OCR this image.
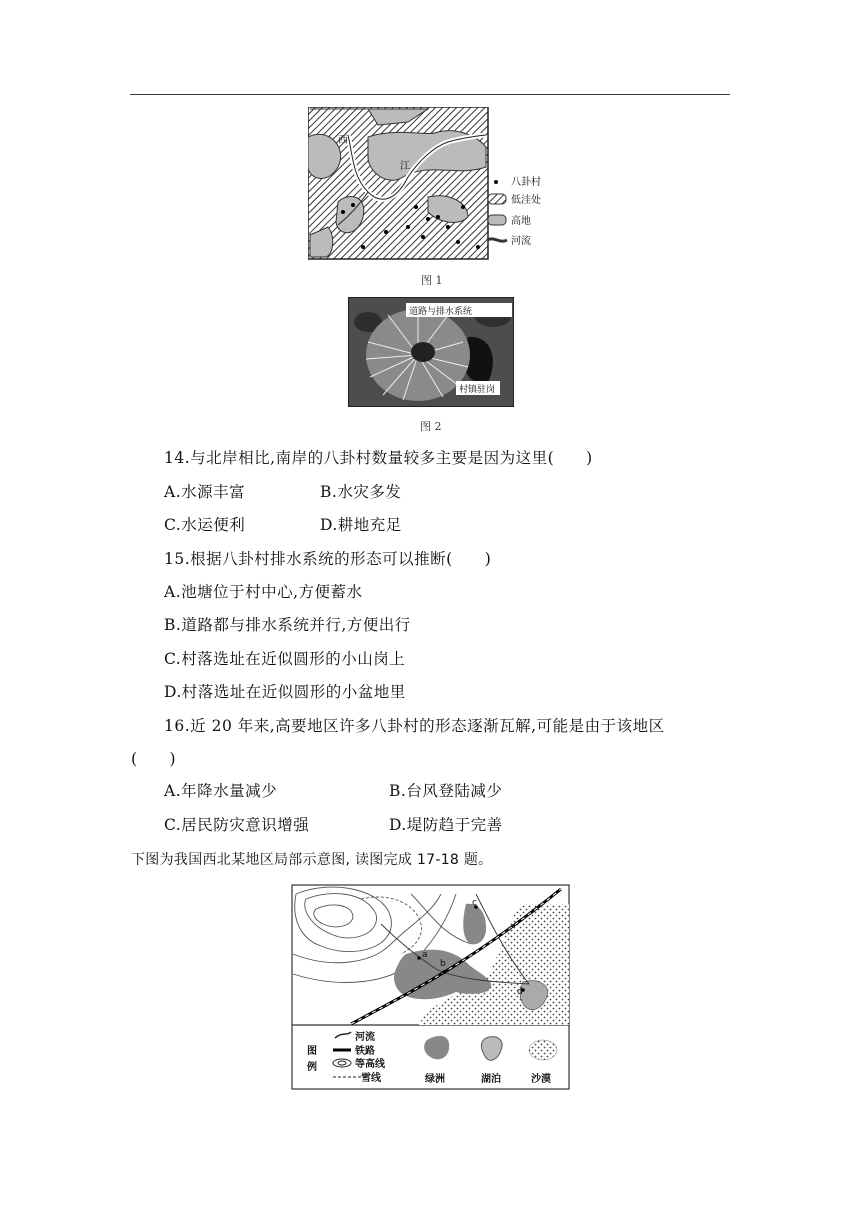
西
江
八卦村
低洼处
高地
河流
图 1
道路与排水系统
村镇驻岗
图 2
14.与北岸相比,南岸的八卦村数量较多主要是因为这里(　　)
A.水源丰富	B.水灾多发
C.水运便利	D.耕地充足
15.根据八卦村排水系统的形态可以推断(　　)
A.池塘位于村中心,方便蓄水
B.道路都与排水系统并行,方便出行
C.村落选址在近似圆形的小山岗上
D.村落选址在近似圆形的小盆地里
16.近 20 年来,高要地区许多八卦村的形态逐渐瓦解,可能是由于该地区
(　　)
A.年降水量减少	B.台风登陆减少
C.居民防灾意识增强	D.堤防趋于完善
下图为我国西北某地区局部示意图, 读图完成 17-18 题。
a
b
c
d
图
例
河流
铁路
等高线
雪线	绿洲	湖泊	沙漠
